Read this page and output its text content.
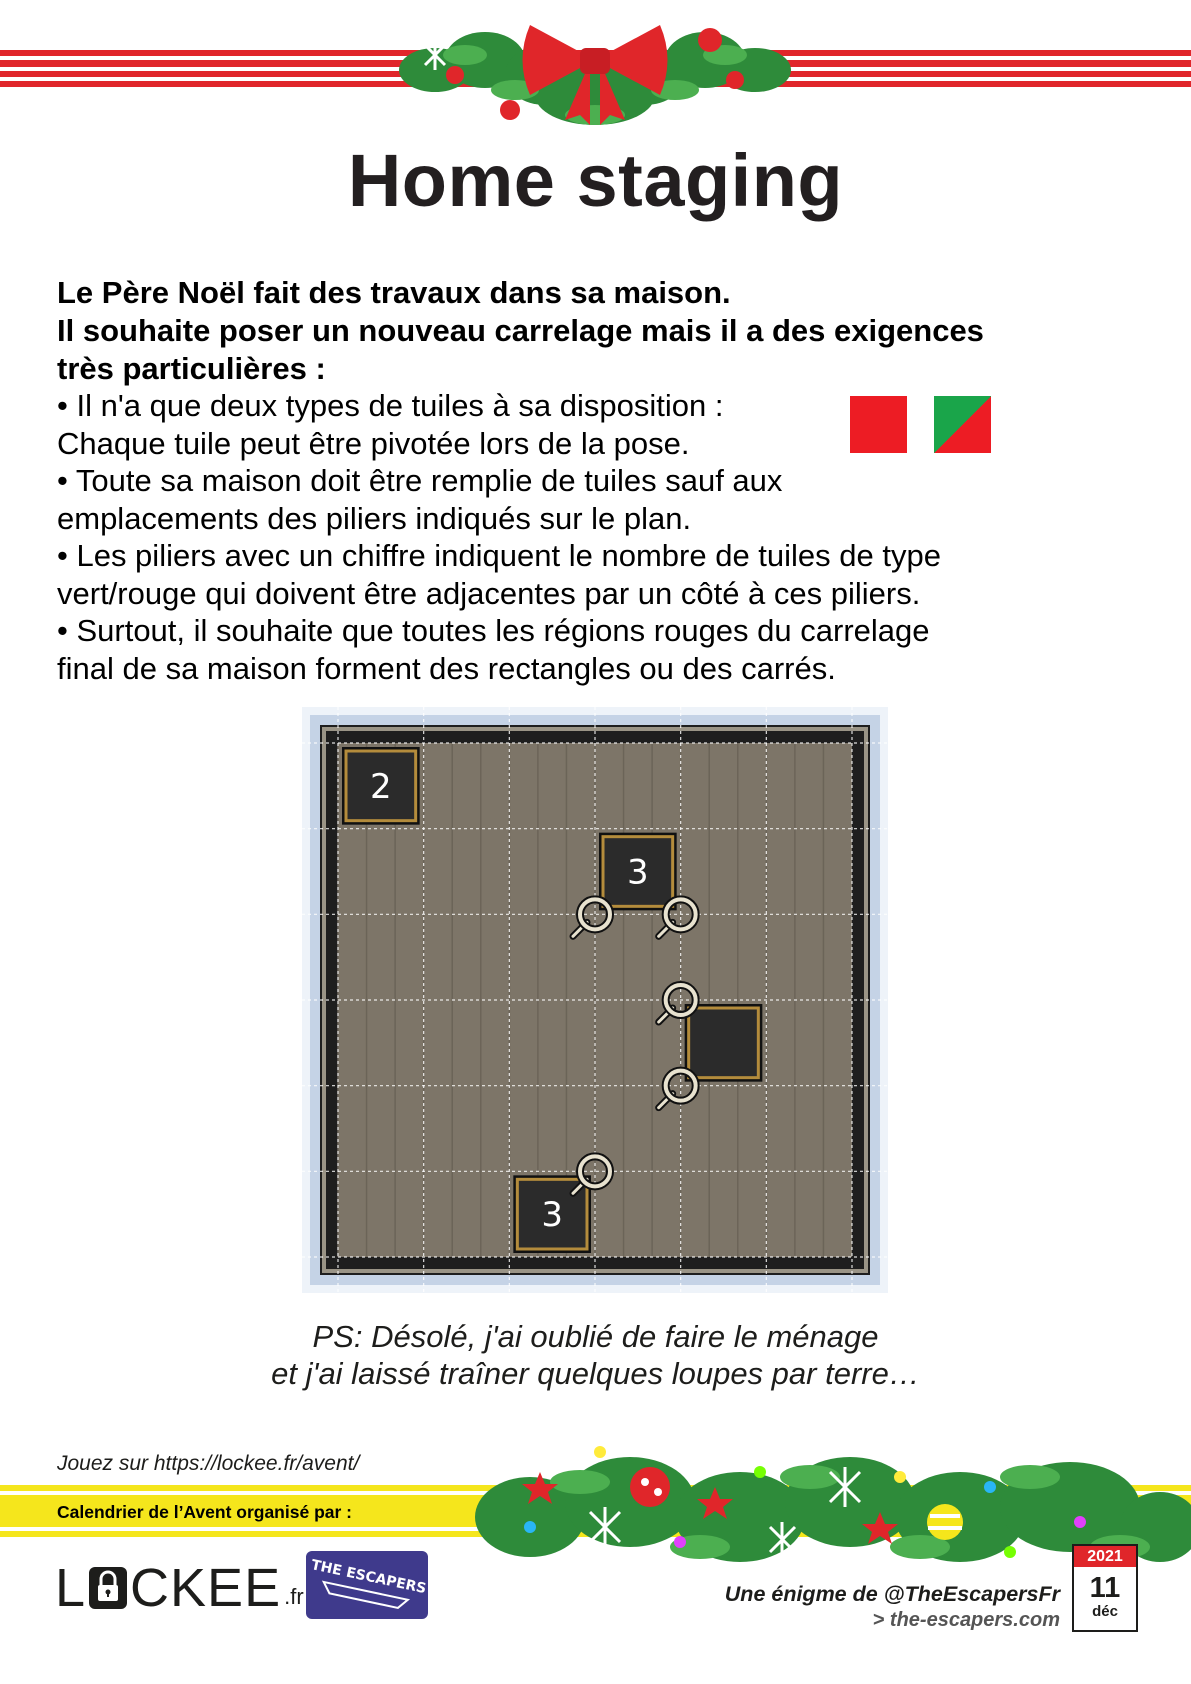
Home staging
Le Père Noël fait des travaux dans sa maison.
Il souhaite poser un nouveau carrelage mais il a des exigences
très particulières :
• Il n'a que deux types de tuiles à sa disposition :
Chaque tuile peut être pivotée lors de la pose.
• Toute sa maison doit être remplie de tuiles sauf aux
emplacements des piliers indiqués sur le plan.
• Les piliers avec un chiffre indiquent le nombre de tuiles de type
vert/rouge qui doivent être adjacentes par un côté à ces piliers.
• Surtout, il souhaite que toutes les régions rouges du carrelage
final de sa maison forment des rectangles ou des carrés.
2
3
3
PS: Désolé, j'ai oublié de faire le ménage
et j'ai laissé traîner quelques loupes par terre…
Jouez sur https://lockee.fr/avent/
Calendrier de l’Avent organisé par :
L CKEE .fr THE ESCAPERS	Une énigme de @TheEscapersFr
> the-escapers.com
2021
11
déc
